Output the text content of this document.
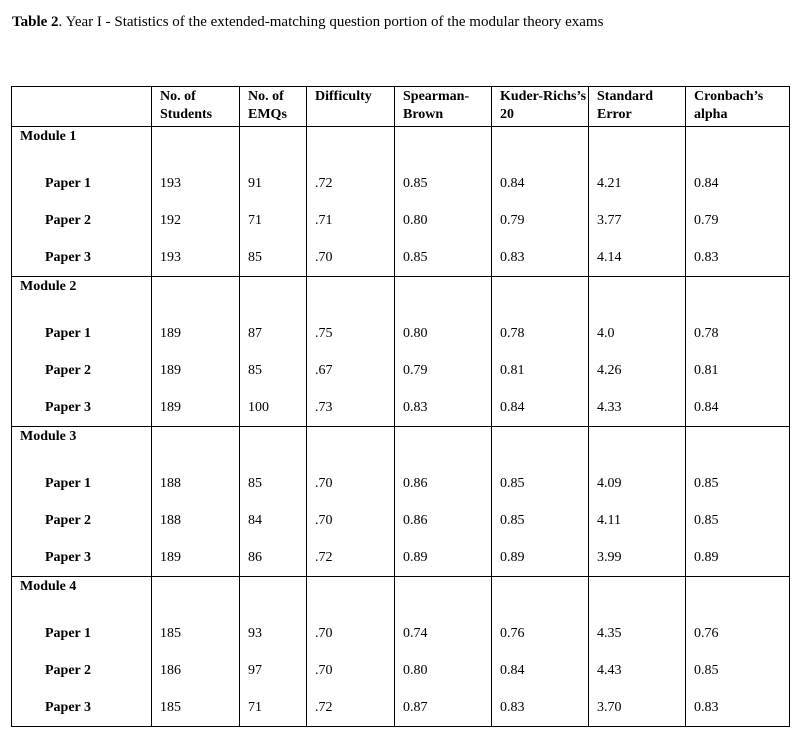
Table 2. Year I - Statistics of the extended-matching question portion of the modular theory exams
	No. of Students	No. of EMQs	Difficulty	Spearman-Brown	Kuder-Richs’s 20	Standard Error	Cronbach’s alpha
Module 1							
Paper 1	193	91	.72	0.85	0.84	4.21	0.84
Paper 2	192	71	.71	0.80	0.79	3.77	0.79
Paper 3	193	85	.70	0.85	0.83	4.14	0.83
Module 2							
Paper 1	189	87	.75	0.80	0.78	4.0	0.78
Paper 2	189	85	.67	0.79	0.81	4.26	0.81
Paper 3	189	100	.73	0.83	0.84	4.33	0.84
Module 3							
Paper 1	188	85	.70	0.86	0.85	4.09	0.85
Paper 2	188	84	.70	0.86	0.85	4.11	0.85
Paper 3	189	86	.72	0.89	0.89	3.99	0.89
Module 4							
Paper 1	185	93	.70	0.74	0.76	4.35	0.76
Paper 2	186	97	.70	0.80	0.84	4.43	0.85
Paper 3	185	71	.72	0.87	0.83	3.70	0.83
